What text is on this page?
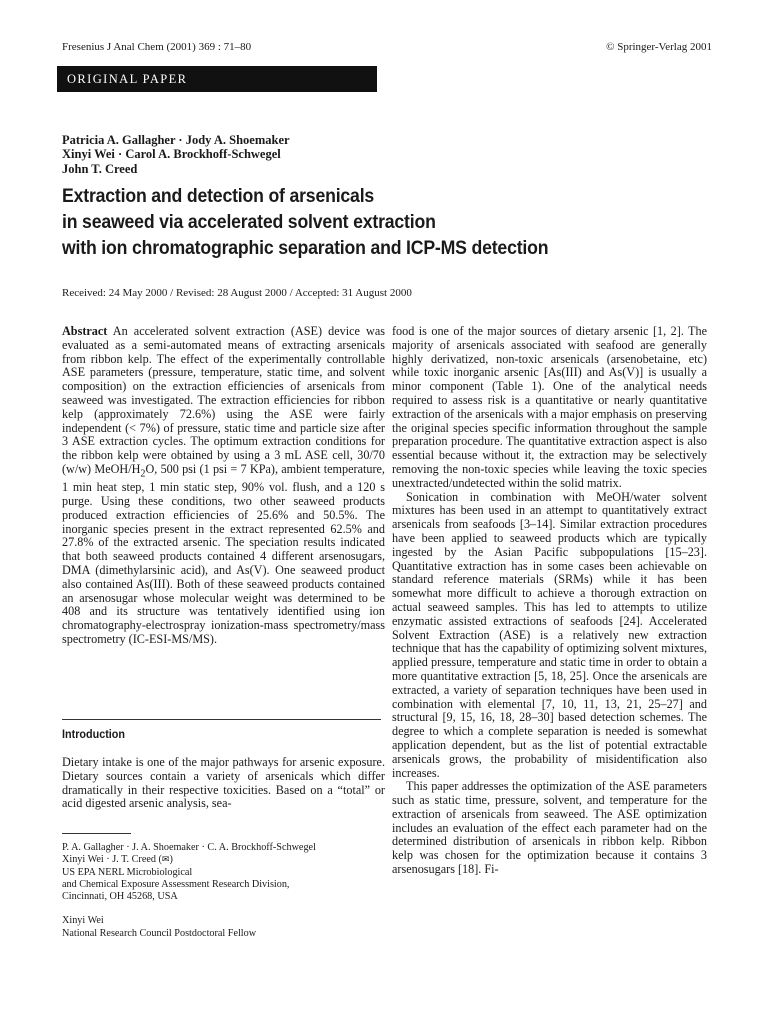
Fresenius J Anal Chem (2001) 369 : 71–80	© Springer-Verlag 2001
ORIGINAL PAPER
Patricia A. Gallagher · Jody A. Shoemaker
Xinyi Wei · Carol A. Brockhoff-Schwegel
John T. Creed
Extraction and detection of arsenicals
in seaweed via accelerated solvent extraction
with ion chromatographic separation and ICP-MS detection
Received: 24 May 2000 / Revised: 28 August 2000 / Accepted: 31 August 2000

Abstract An accelerated solvent extraction (ASE) device was evaluated as a semi-automated means of extracting arsenicals from ribbon kelp. The effect of the experimentally controllable ASE parameters (pressure, temperature, static time, and solvent composition) on the extraction efficiencies of arsenicals from seaweed was investigated. The extraction efficiencies for ribbon kelp (approximately 72.6%) using the ASE were fairly independent (< 7%) of pressure, static time and particle size after 3 ASE extraction cycles. The optimum extraction conditions for the ribbon kelp were obtained by using a 3 mL ASE cell, 30/70 (w/w) MeOH/$H_2O$, 500 psi (1 psi = 7 KPa), ambient temperature, 1 min heat step, 1 min static step, 90% vol. flush, and a 120 s purge. Using these conditions, two other seaweed products produced extraction efficiencies of 25.6% and 50.5%. The inorganic species present in the extract represented 62.5% and 27.8% of the extracted arsenic. The speciation results indicated that both seaweed products contained 4 different arsenosugars, DMA (dimethylarsinic acid), and As(V). One seaweed product also contained As(III). Both of these seaweed products contained an arsenosugar whose molecular weight was determined to be 408 and its structure was tentatively identified using ion chromatography-electrospray ionization-mass spectrometry/mass spectrometry (IC-ESI-MS/MS).

Introduction

Dietary intake is one of the major pathways for arsenic exposure. Dietary sources contain a variety of arsenicals which differ dramatically in their respective toxicities. Based on a “total” or acid digested arsenic analysis, sea-

P. A. Gallagher · J. A. Shoemaker · C. A. Brockhoff-Schwegel
Xinyi Wei · J. T. Creed (✉)
US EPA NERL Microbiological
and Chemical Exposure Assessment Research Division,
Cincinnati, OH 45268, USA
Xinyi Wei
National Research Council Postdoctoral Fellow

food is one of the major sources of dietary arsenic [1, 2]. The majority of arsenicals associated with seafood are generally highly derivatized, non-toxic arsenicals (arsenobetaine, etc) while toxic inorganic arsenic [As(III) and As(V)] is usually a minor component (Table 1). One of the analytical needs required to assess risk is a quantitative or nearly quantitative extraction of the arsenicals with a major emphasis on preserving the original species specific information throughout the sample preparation procedure. The quantitative extraction aspect is also essential because without it, the extraction may be selectively removing the non-toxic species while leaving the toxic species unextracted/undetected within the solid matrix.

Sonication in combination with MeOH/water solvent mixtures has been used in an attempt to quantitatively extract arsenicals from seafoods [3–14]. Similar extraction procedures have been applied to seaweed products which are typically ingested by the Asian Pacific subpopulations [15–23]. Quantitative extraction has in some cases been achievable on standard reference materials (SRMs) while it has been somewhat more difficult to achieve a thorough extraction on actual seaweed samples. This has led to attempts to utilize enzymatic assisted extractions of seafoods [24]. Accelerated Solvent Extraction (ASE) is a relatively new extraction technique that has the capability of optimizing solvent mixtures, applied pressure, temperature and static time in order to obtain a more quantitative extraction [5, 18, 25]. Once the arsenicals are extracted, a variety of separation techniques have been used in combination with elemental [7, 10, 11, 13, 21, 25–27] and structural [9, 15, 16, 18, 28–30] based detection schemes. The degree to which a complete separation is needed is somewhat application dependent, but as the list of potential extractable arsenicals grows, the probability of misidentification also increases.

This paper addresses the optimization of the ASE parameters such as static time, pressure, solvent, and temperature for the extraction of arsenicals from seaweed. The ASE optimization includes an evaluation of the effect each parameter had on the determined distribution of arsenicals in ribbon kelp. Ribbon kelp was chosen for the optimization because it contains 3 arsenosugars [18]. Fi-
